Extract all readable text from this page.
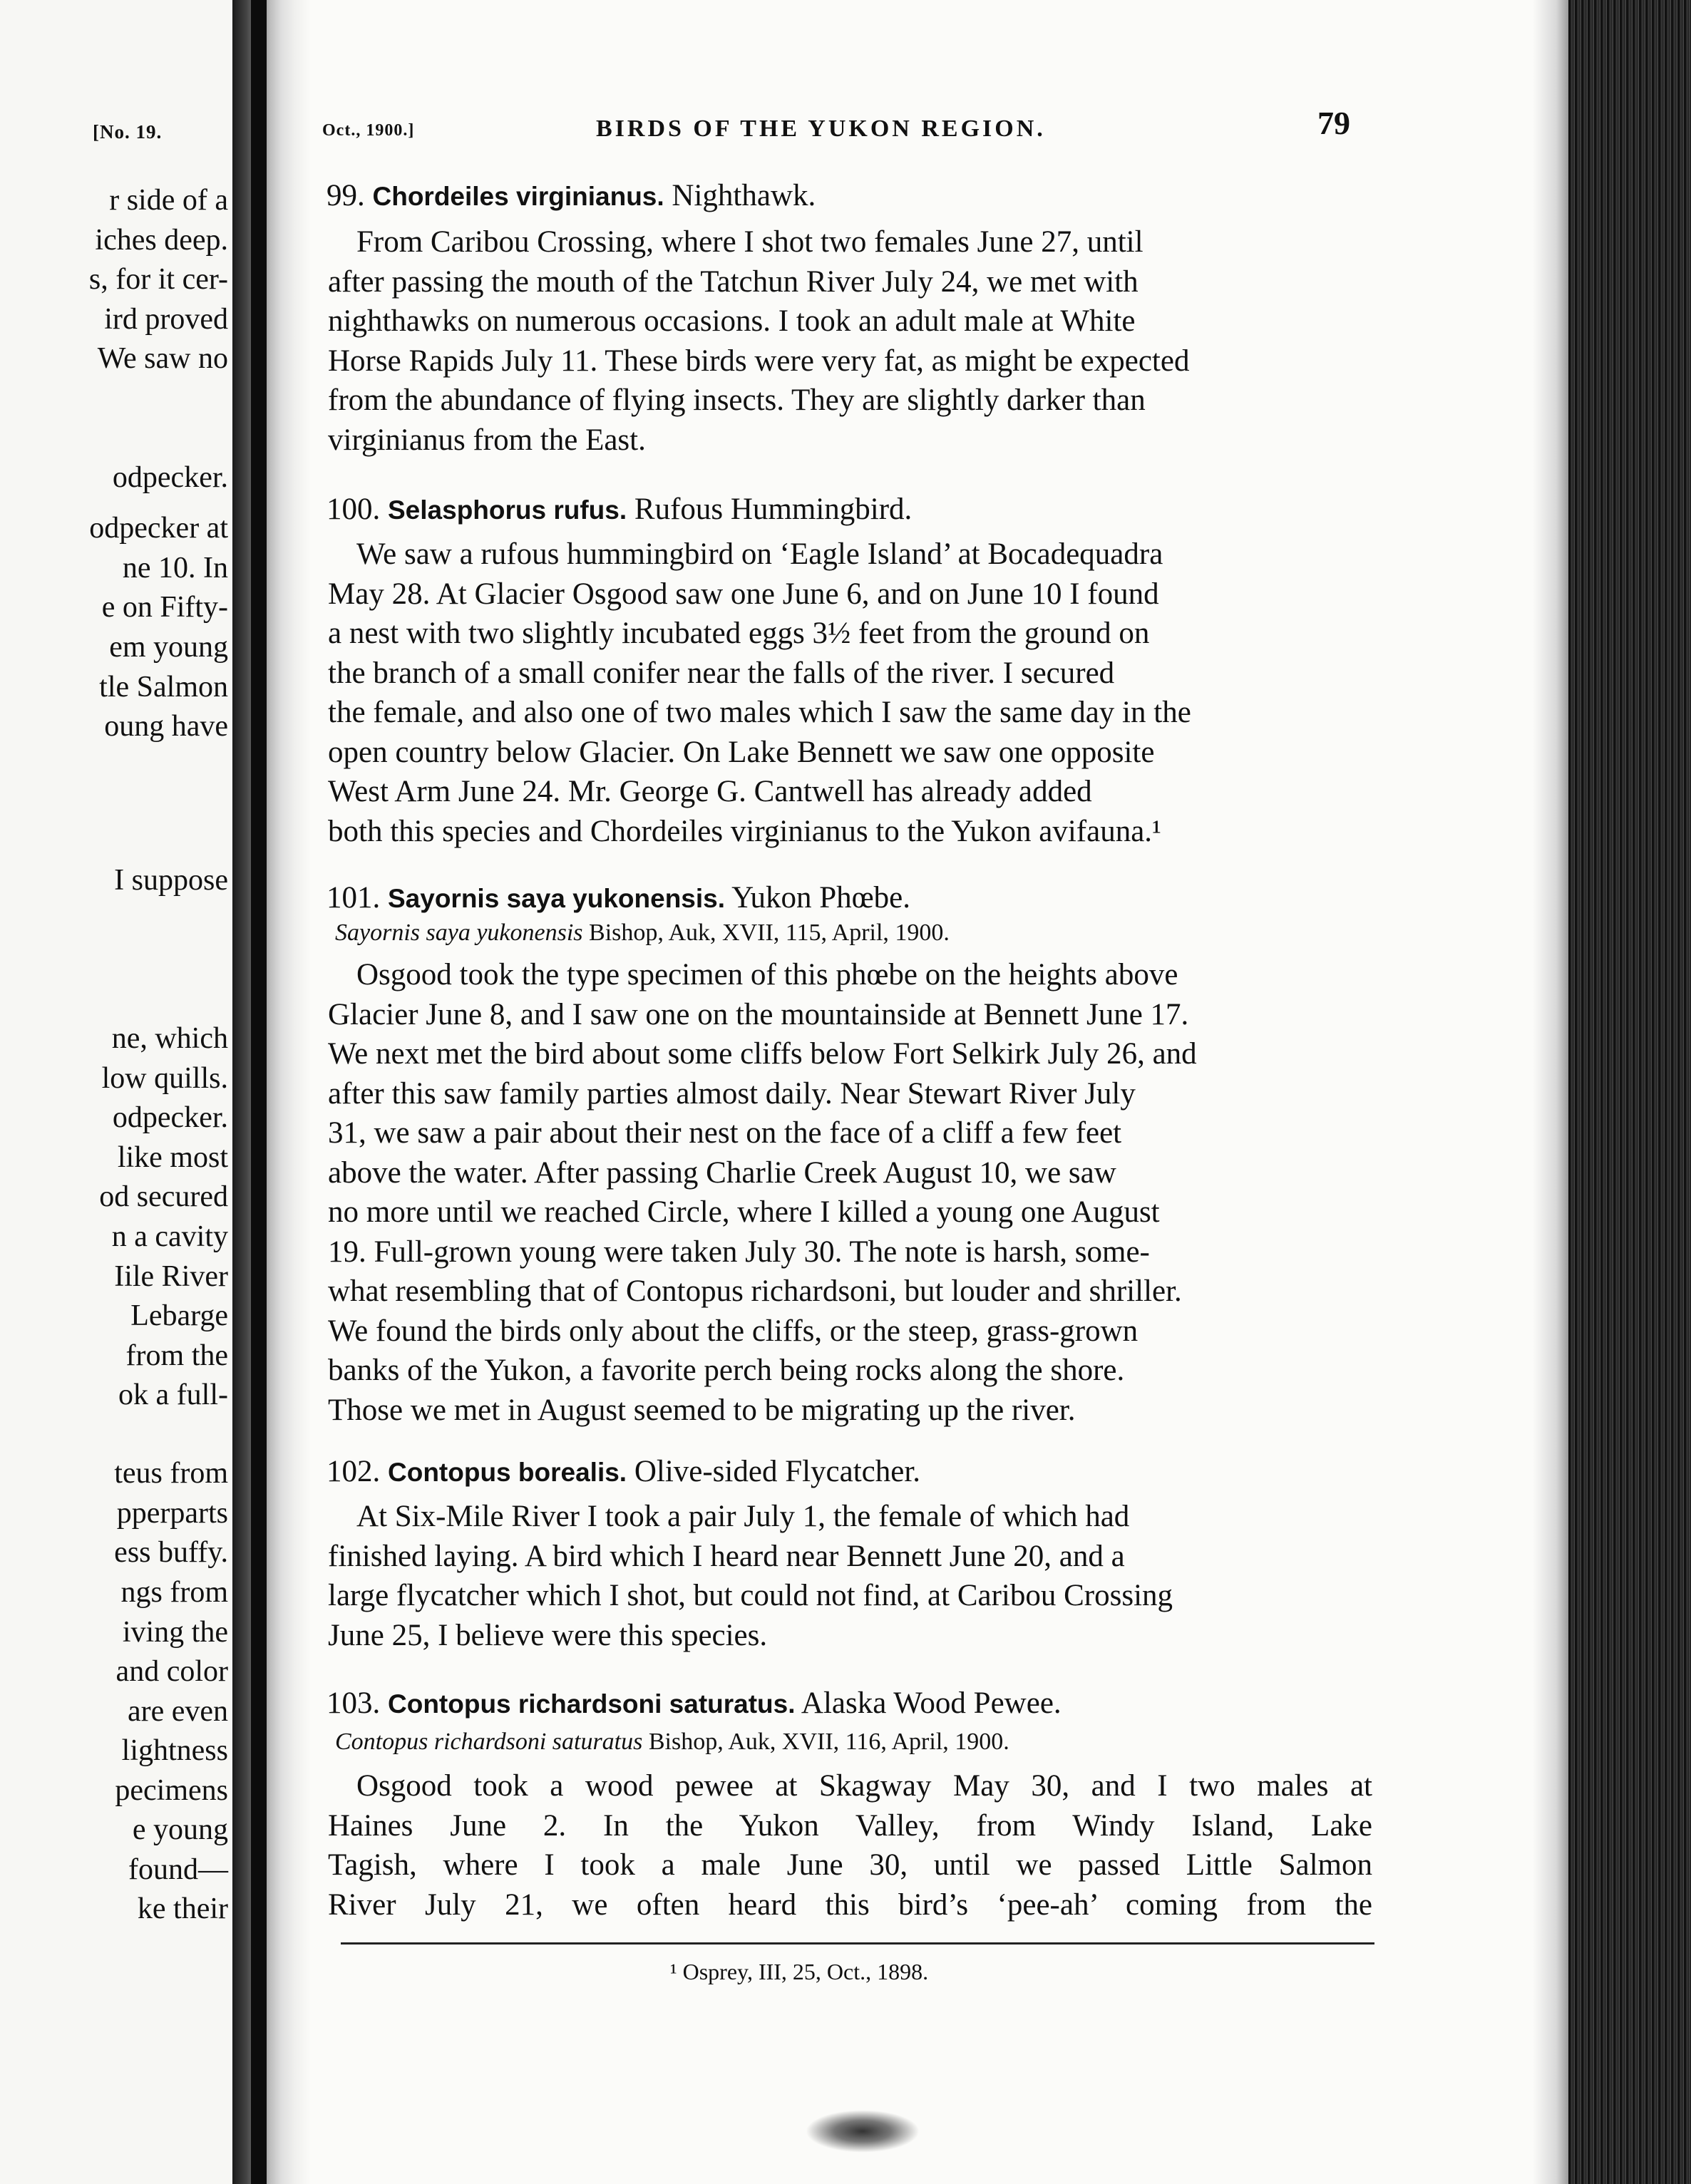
[No. 19.
r side of a
iches deep.
s, for it cer-
ird proved
We saw no
odpecker.
odpecker at
ne 10. In
e on Fifty-
em young
tle Salmon
oung have
I suppose
ne, which
low quills.
odpecker.
like most
od secured
n a cavity
Iile River
Lebarge
from the
ok a full-
teus from
pperparts
ess buffy.
ngs from
iving the
and color
are even
lightness
pecimens
e young
found—
ke their
Oct., 1900.]	BIRDS OF THE YUKON REGION.	79
99. Chordeiles virginianus. Nighthawk.
From Caribou Crossing, where I shot two females June 27, until
after passing the mouth of the Tatchun River July 24, we met with
nighthawks on numerous occasions. I took an adult male at White
Horse Rapids July 11. These birds were very fat, as might be expected
from the abundance of flying insects. They are slightly darker than
virginianus from the East.
100. Selasphorus rufus. Rufous Hummingbird.
We saw a rufous hummingbird on ‘Eagle Island’ at Bocadequadra
May 28. At Glacier Osgood saw one June 6, and on June 10 I found
a nest with two slightly incubated eggs 3½ feet from the ground on
the branch of a small conifer near the falls of the river. I secured
the female, and also one of two males which I saw the same day in the
open country below Glacier. On Lake Bennett we saw one opposite
West Arm June 24. Mr. George G. Cantwell has already added
both this species and Chordeiles virginianus to the Yukon avifauna.¹
101. Sayornis saya yukonensis. Yukon Phœbe.
Sayornis saya yukonensis Bishop, Auk, XVII, 115, April, 1900.
Osgood took the type specimen of this phœbe on the heights above
Glacier June 8, and I saw one on the mountainside at Bennett June 17.
We next met the bird about some cliffs below Fort Selkirk July 26, and
after this saw family parties almost daily. Near Stewart River July
31, we saw a pair about their nest on the face of a cliff a few feet
above the water. After passing Charlie Creek August 10, we saw
no more until we reached Circle, where I killed a young one August
19. Full-grown young were taken July 30. The note is harsh, some-
what resembling that of Contopus richardsoni, but louder and shriller.
We found the birds only about the cliffs, or the steep, grass-grown
banks of the Yukon, a favorite perch being rocks along the shore.
Those we met in August seemed to be migrating up the river.
102. Contopus borealis. Olive-sided Flycatcher.
At Six-Mile River I took a pair July 1, the female of which had
finished laying. A bird which I heard near Bennett June 20, and a
large flycatcher which I shot, but could not find, at Caribou Crossing
June 25, I believe were this species.
103. Contopus richardsoni saturatus. Alaska Wood Pewee.
Contopus richardsoni saturatus Bishop, Auk, XVII, 116, April, 1900.
Osgood took a wood pewee at Skagway May 30, and I two males at
Haines June 2. In the Yukon Valley, from Windy Island, Lake
Tagish, where I took a male June 30, until we passed Little Salmon
River July 21, we often heard this bird’s ‘pee-ah’ coming from the
¹ Osprey, III, 25, Oct., 1898.
